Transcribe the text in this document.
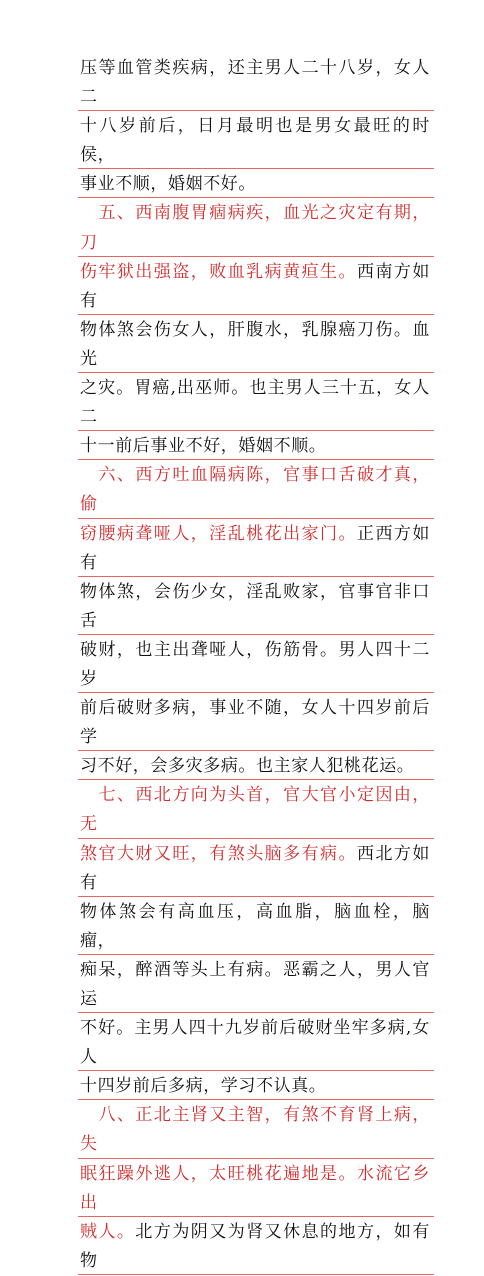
压等血管类疾病，还主男人二十八岁，女人二
十八岁前后，日月最明也是男女最旺的时侯，
事业不顺，婚姻不好。
　五、西南腹胃痼病疾，血光之灾定有期，刀
伤牢狱出强盗，败血乳病黄疸生。西南方如有
物体煞会伤女人，肝腹水，乳腺癌刀伤。血光
之灾。胃癌,出巫师。也主男人三十五，女人二
十一前后事业不好，婚姻不顺。
　六、西方吐血隔病陈，官事口舌破才真，偷
窃腰病聋哑人，淫乱桃花出家门。正西方如有
物体煞，会伤少女，淫乱败家，官事官非口舌
破财，也主出聋哑人，伤筋骨。男人四十二岁
前后破财多病，事业不随，女人十四岁前后学
习不好，会多灾多病。也主家人犯桃花运。
　七、西北方向为头首，官大官小定因由，无
煞官大财又旺，有煞头脑多有病。西北方如有
物体煞会有高血压，高血脂，脑血栓，脑瘤，
痴呆，醉酒等头上有病。恶霸之人，男人官运
不好。主男人四十九岁前后破财坐牢多病,女人
十四岁前后多病，学习不认真。
　八、正北主肾又主智，有煞不育肾上病，失
眠狂躁外逃人，太旺桃花遍地是。水流它乡出
贼人。北方为阴又为肾又休息的地方，如有物
